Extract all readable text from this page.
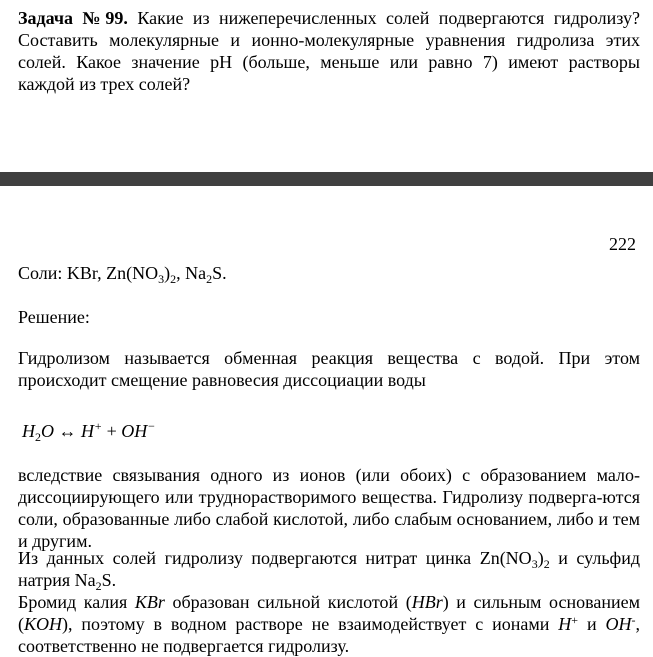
Задача №99. Какие из нижеперечисленных солей подвергаются гидролизу? Составить молекулярные и ионно-молекулярные уравнения гидролиза этих солей. Какое значение pH (больше, меньше или равно 7) имеют растворы каждой из трех солей?
222
Соли: KBr, $Zn(NO_3)_2$, $Na_2S$.
Решение:
Гидролизом называется обменная реакция вещества с водой. При этом происходит смещение равновесия диссоциации воды
$H_2O$ ↔ H+ + OH−
вследствие связывания одного из ионов (или обоих) с образованием мало-диссоциирующего или труднорастворимого вещества. Гидролизу подверга-ются соли, образованные либо слабой кислотой, либо слабым основанием, либо и тем и другим.
Из данных солей гидролизу подвергаются нитрат цинка $Zn(NO_3)_2$ и сульфид натрия $Na_2S$.
Бромид калия KBr образован сильной кислотой (HBr) и сильным основанием (KOH), поэтому в водном растворе не взаимодействует с ионами H+ и OH-, соответственно не подвергается гидролизу.
